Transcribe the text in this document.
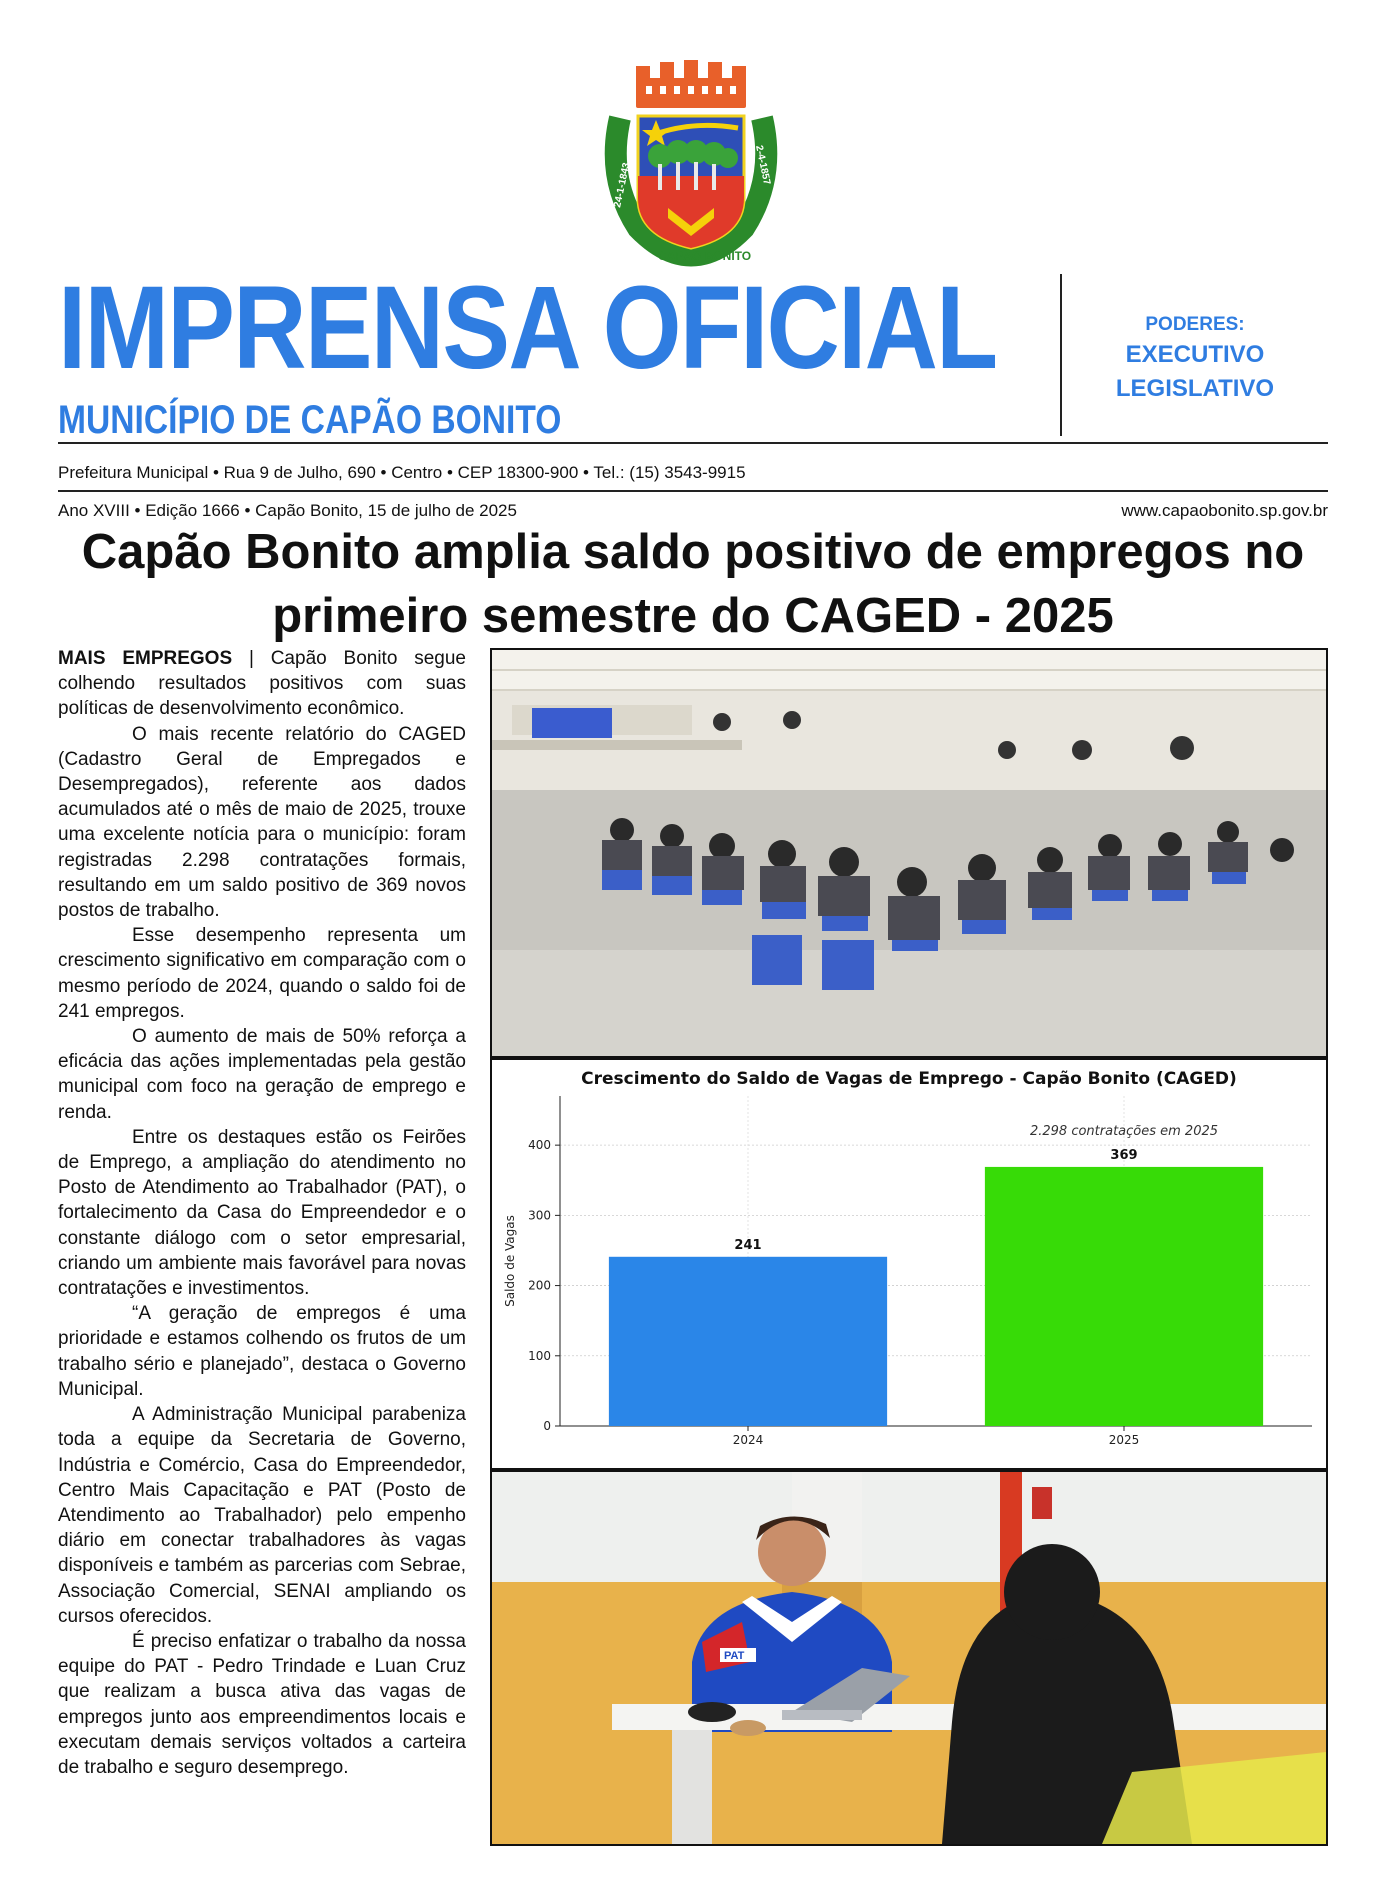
24-1-1843	2-4-1857
CAPÃO BONITO
IMPRENSA OFICIAL
MUNICÍPIO DE CAPÃO BONITO
PODERES:
EXECUTIVO
LEGISLATIVO
Prefeitura Municipal • Rua 9 de Julho, 690 • Centro • CEP 18300-900 • Tel.: (15) 3543-9915
Ano XVIII • Edição 1666 • Capão Bonito, 15 de julho de 2025	www.capaobonito.sp.gov.br
Capão Bonito amplia saldo positivo de empregos no primeiro semestre do CAGED - 2025

MAIS EMPREGOS | Capão Bonito segue colhendo resultados positivos com suas políticas de desenvolvimento econômico.

O mais recente relatório do CAGED (Cadastro Geral de Empregados e Desempregados), referente aos dados acumulados até o mês de maio de 2025, trouxe uma excelente notícia para o município: foram registradas 2.298 contratações formais, resultando em um saldo positivo de 369 novos postos de trabalho.

Esse desempenho representa um crescimento significativo em comparação com o mesmo período de 2024, quando o saldo foi de 241 empregos.

O aumento de mais de 50% reforça a eficácia das ações implementadas pela gestão municipal com foco na geração de emprego e renda.

Entre os destaques estão os Feirões de Emprego, a ampliação do atendimento no Posto de Atendimento ao Trabalhador (PAT), o fortalecimento da Casa do Empreendedor e o constante diálogo com o setor empresarial, criando um ambiente mais favorável para novas contratações e investimentos.

“A geração de empregos é uma prioridade e estamos colhendo os frutos de um trabalho sério e planejado”, destaca o Governo Municipal.

A Administração Municipal parabeniza toda a equipe da Secretaria de Governo, Indústria e Comércio, Casa do Empreendedor, Centro Mais Capacitação e PAT (Posto de Atendimento ao Trabalhador) pelo empenho diário em conectar trabalhadores às vagas disponíveis e também as parcerias com Sebrae, Associação Comercial, SENAI ampliando os cursos oferecidos.

É preciso enfatizar o trabalho da nossa equipe do PAT - Pedro Trindade e Luan Cruz que realizam a busca ativa das vagas de empregos junto aos empreendimentos locais e executam demais serviços voltados a carteira de trabalho e seguro desemprego.

Crescimento do Saldo de Vagas de Emprego - Capão Bonito (CAGED)
0
100
200
300
400
241
2024
369
2025
2.298 contratações em 2025
Saldo de Vagas
PAT
